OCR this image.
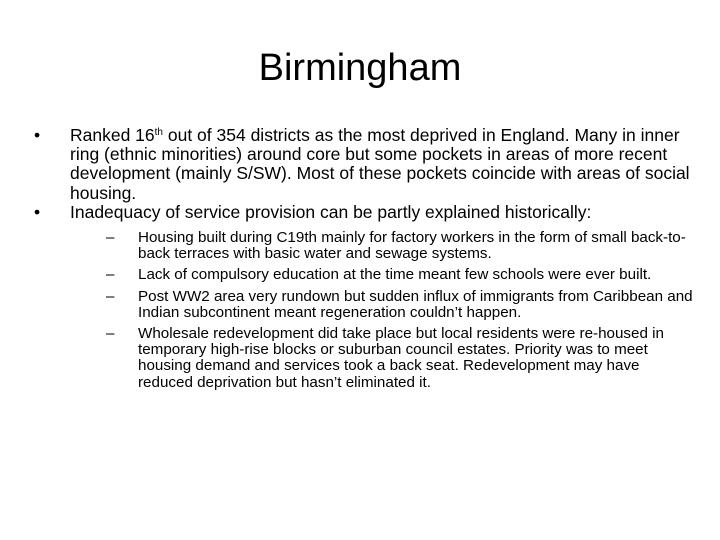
Birmingham
•	Ranked 16th out of 354 districts as the most deprived in England. Many in inner ring (ethnic minorities) around core but some pockets in areas of more recent development (mainly S/SW). Most of these pockets coincide with areas of social housing.
•	Inadequacy of service provision can be partly explained historically:
–	Housing built during C19th mainly for factory workers in the form of small back-to-back terraces with basic water and sewage systems.
–	Lack of compulsory education at the time meant few schools were ever built.
–	Post WW2 area very rundown but sudden influx of immigrants from Caribbean and Indian subcontinent meant regeneration couldn’t happen.
–	Wholesale redevelopment did take place but local residents were re-housed in temporary high-rise blocks or suburban council estates. Priority was to meet housing demand and services took a back seat. Redevelopment may have reduced deprivation but hasn’t eliminated it.
